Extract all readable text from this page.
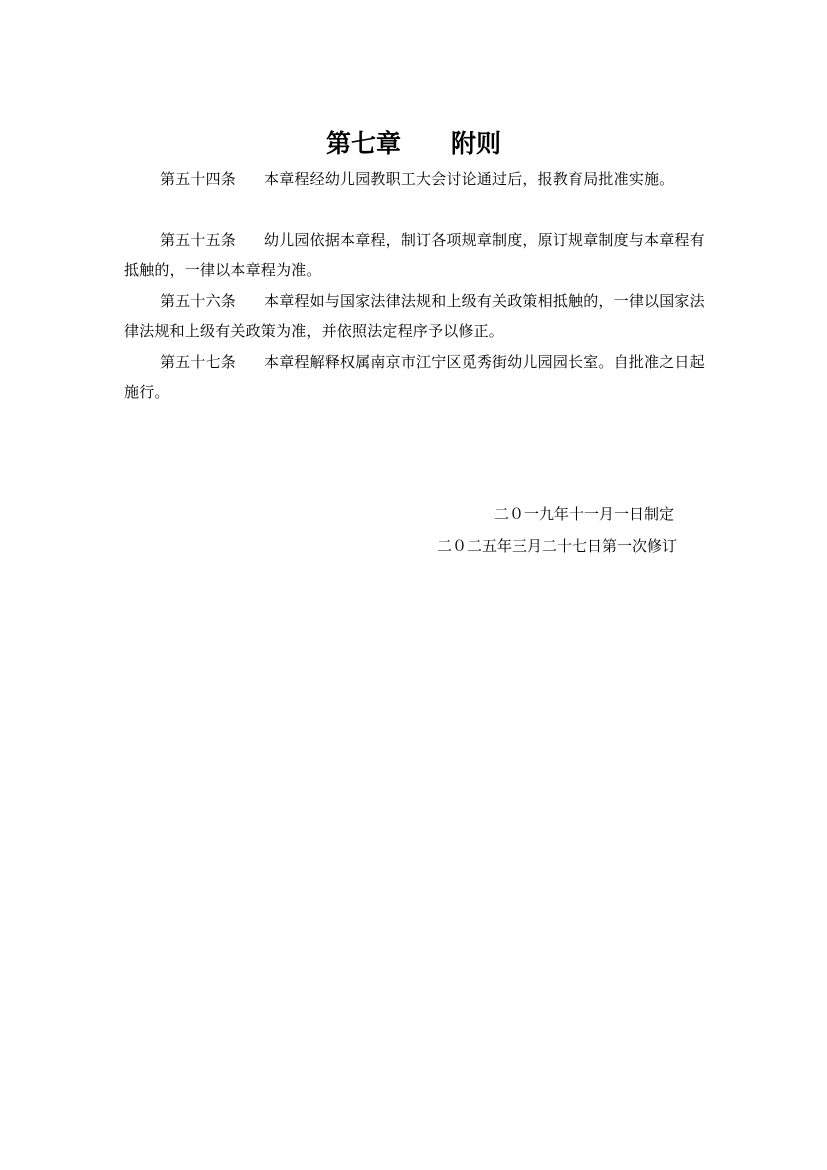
第七章 附则
第五十四条 本章程经幼儿园教职工大会讨论通过后，报教育局批准实施。
第五十五条 幼儿园依据本章程，制订各项规章制度，原订规章制度与本章程有抵触的，一律以本章程为准。
第五十六条 本章程如与国家法律法规和上级有关政策相抵触的，一律以国家法律法规和上级有关政策为准，并依照法定程序予以修正。
第五十七条 本章程解释权属南京市江宁区觅秀街幼儿园园长室。自批准之日起施行。
二０一九年十一月一日制定
二０二五年三月二十七日第一次修订
